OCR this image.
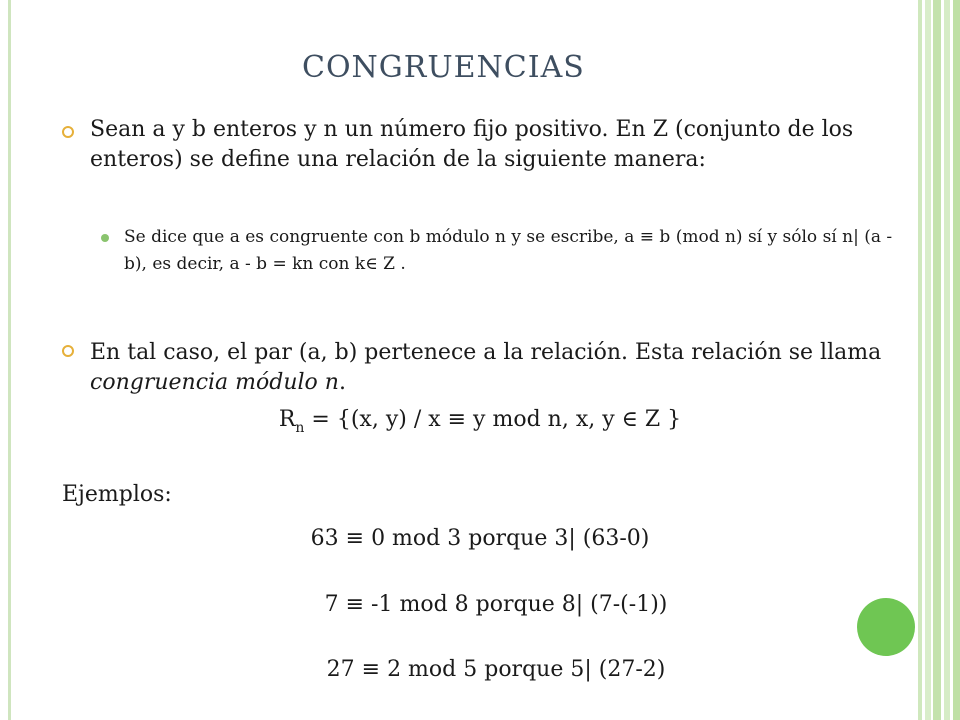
CONGRUENCIAS
Sean a y b enteros y n un número fijo positivo. En Z (conjunto de los enteros) se define una relación de la siguiente manera:
Se dice que a es congruente con b módulo n y se escribe, a ≡ b (mod n) sí y sólo sí n| (a - b), es decir, a - b = kn con k∈ Z .
En tal caso, el par (a, b) pertenece a la relación. Esta relación se llama congruencia módulo n.
$R_n = \{(x$, y) / x ≡ y mod n, x, y ∈ Z }
Ejemplos:
63 ≡ 0 mod 3 porque 3| (63-0)
7 ≡ -1 mod 8 porque 8| (7-(-1))
27 ≡ 2 mod 5 porque 5| (27-2)
